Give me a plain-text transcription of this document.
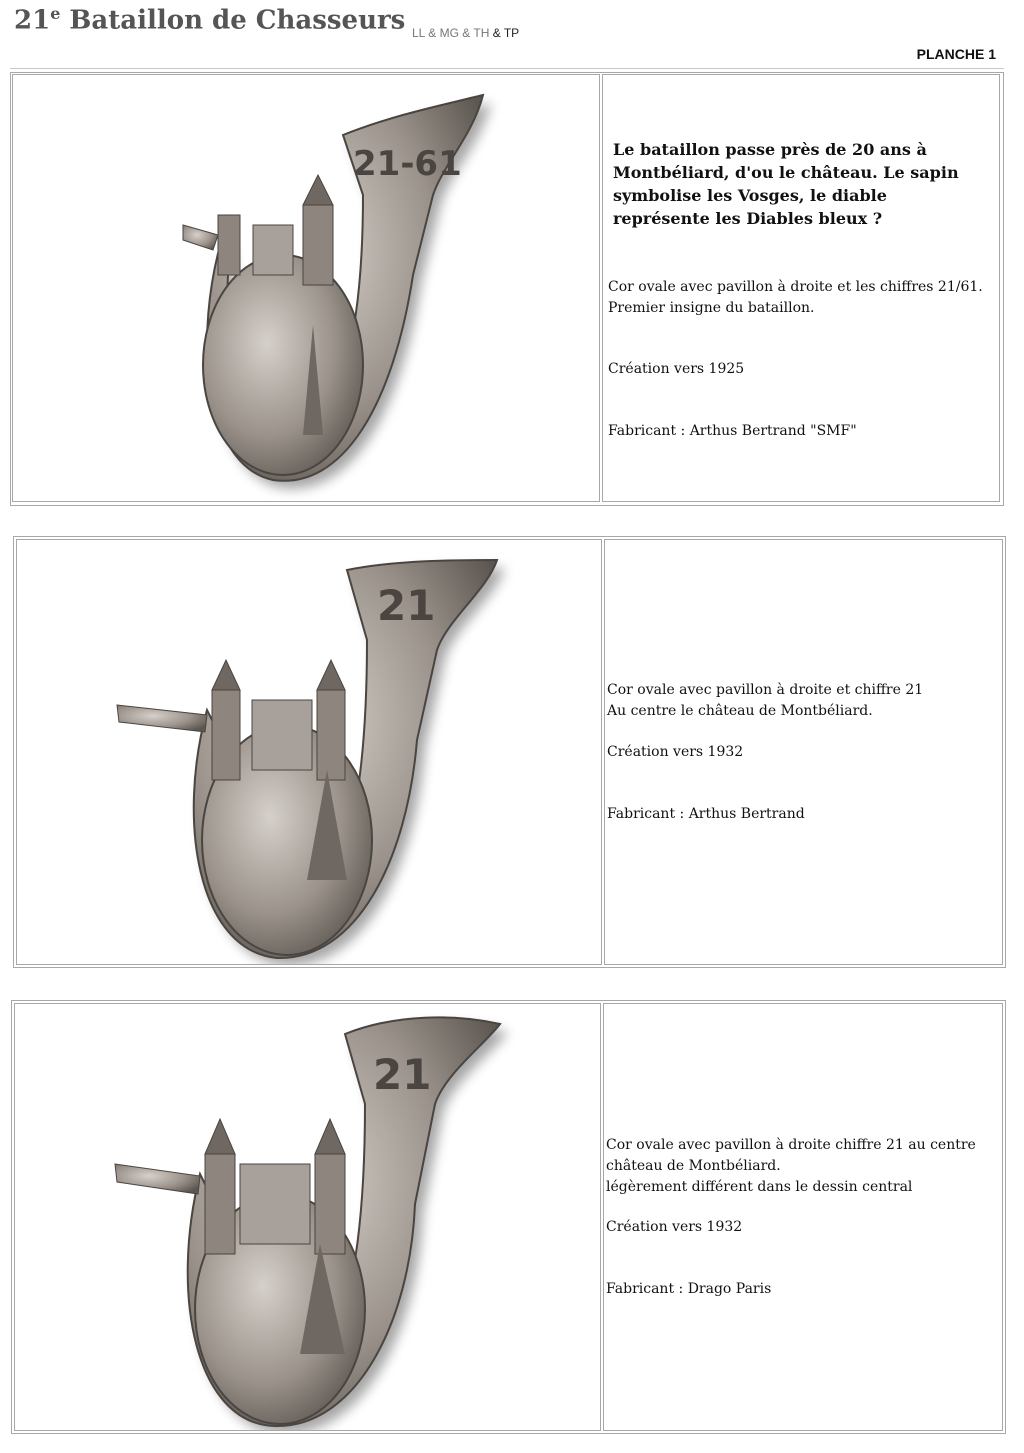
21e Bataillon de Chasseurs LL & MG & TH & TP
PLANCHE 1
21-61	Le bataillon passe près de 20 ans à Montbéliard, d'ou le château. Le sapin symbolise les Vosges, le diable représente les Diables bleux ?

Cor ovale avec pavillon à droite et les chiffres 21/61.

Premier insigne du bataillon.

Création vers 1925
Fabricant : Arthus Bertrand "SMF"
21

Cor ovale avec pavillon à droite et chiffre 21

Au centre le château de Montbéliard.

Création vers 1932
Fabricant : Arthus Bertrand
21

Cor ovale avec pavillon à droite chiffre 21 au centre

château de Montbéliard.

légèrement différent dans le dessin central

Création vers 1932
Fabricant : Drago Paris
